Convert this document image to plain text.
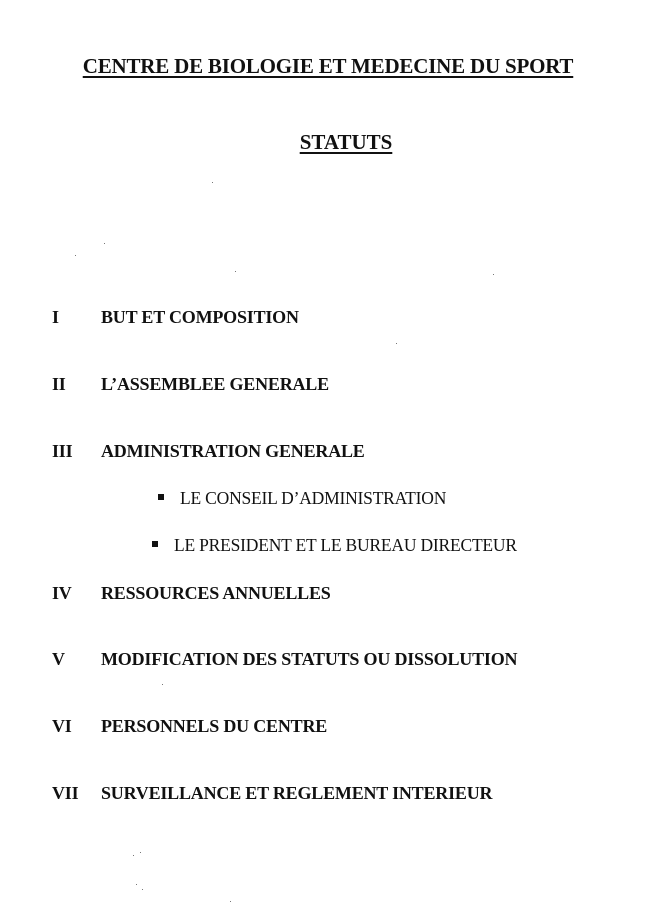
CENTRE DE BIOLOGIE ET MEDECINE DU SPORT
STATUTS
I BUT ET COMPOSITION
II L’ASSEMBLEE GENERALE
III ADMINISTRATION GENERALE
LE CONSEIL D’ADMINISTRATION
LE PRESIDENT ET LE BUREAU DIRECTEUR
IV RESSOURCES ANNUELLES
V MODIFICATION DES STATUTS OU DISSOLUTION
VI PERSONNELS DU CENTRE
VII SURVEILLANCE ET REGLEMENT INTERIEUR
